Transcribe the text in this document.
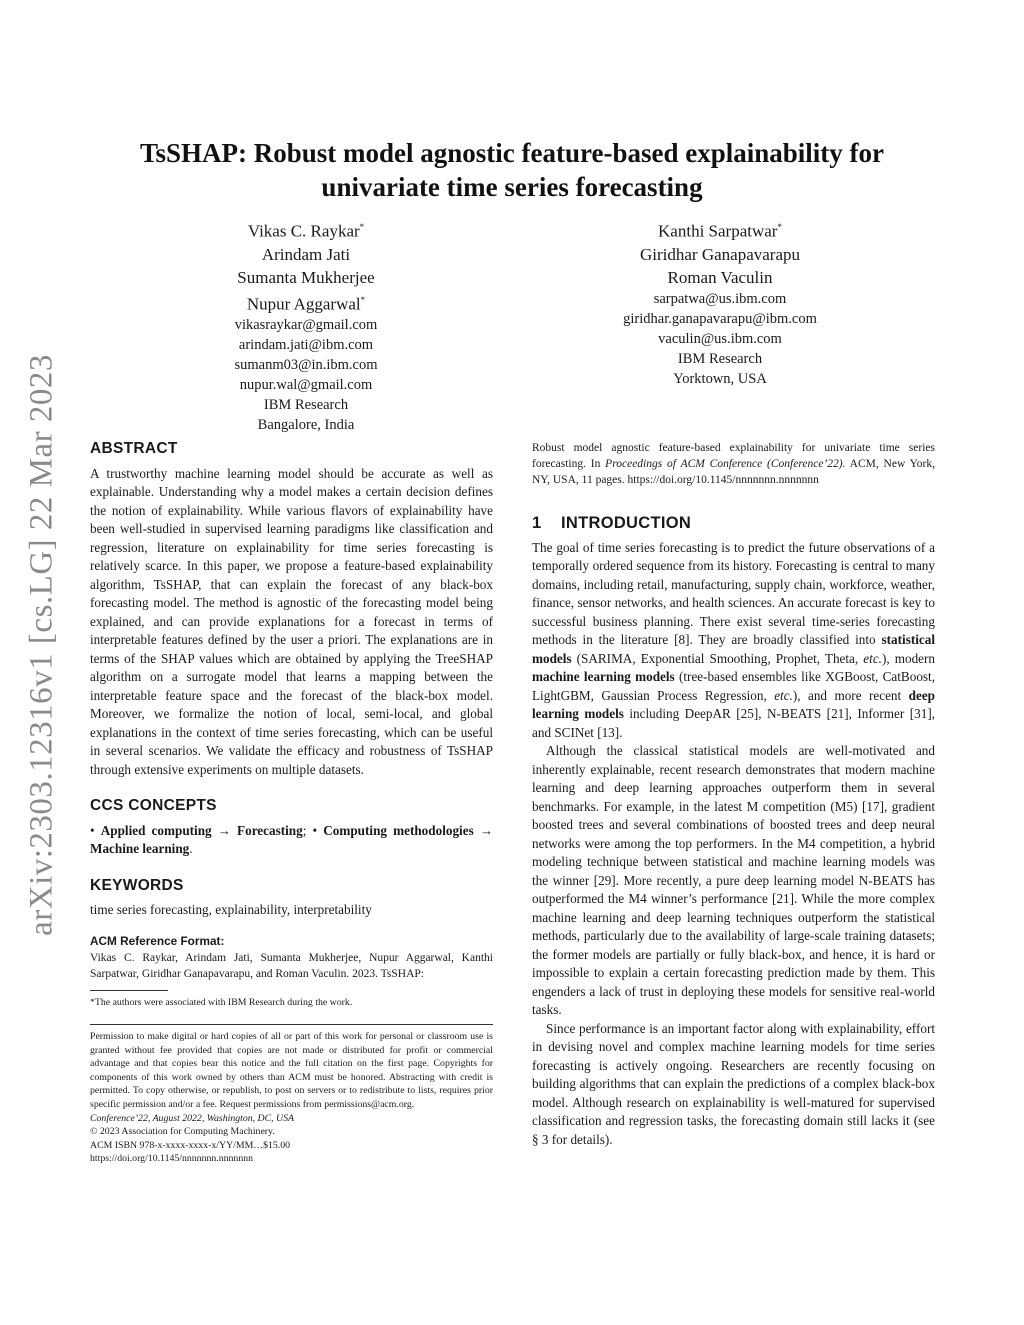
arXiv:2303.12316v1 [cs.LG] 22 Mar 2023
TsSHAP: Robust model agnostic feature-based explainability for
univariate time series forecasting
Vikas C. Raykar*
Arindam Jati
Sumanta Mukherjee
Nupur Aggarwal*
vikasraykar@gmail.com
arindam.jati@ibm.com
sumanm03@in.ibm.com
nupur.wal@gmail.com
IBM Research
Bangalore, India
Kanthi Sarpatwar*
Giridhar Ganapavarapu
Roman Vaculin
sarpatwa@us.ibm.com
giridhar.ganapavarapu@ibm.com
vaculin@us.ibm.com
IBM Research
Yorktown, USA
ABSTRACT

A trustworthy machine learning model should be accurate as well as explainable. Understanding why a model makes a certain decision defines the notion of explainability. While various flavors of explainability have been well-studied in supervised learning paradigms like classification and regression, literature on explainability for time series forecasting is relatively scarce. In this paper, we propose a feature-based explainability algorithm, TsSHAP, that can explain the forecast of any black-box forecasting model. The method is agnostic of the forecasting model being explained, and can provide explanations for a forecast in terms of interpretable features defined by the user a priori. The explanations are in terms of the SHAP values which are obtained by applying the TreeSHAP algorithm on a surrogate model that learns a mapping between the interpretable feature space and the forecast of the black-box model. Moreover, we formalize the notion of local, semi-local, and global explanations in the context of time series forecasting, which can be useful in several scenarios. We validate the efficacy and robustness of TsSHAP through extensive experiments on multiple datasets.

CCS CONCEPTS

• Applied computing → Forecasting; • Computing methodologies → Machine learning.

KEYWORDS

time series forecasting, explainability, interpretability

ACM Reference Format:

Vikas C. Raykar, Arindam Jati, Sumanta Mukherjee, Nupur Aggarwal, Kanthi Sarpatwar, Giridhar Ganapavarapu, and Roman Vaculin. 2023. TsSHAP:

*The authors were associated with IBM Research during the work.

Permission to make digital or hard copies of all or part of this work for personal or classroom use is granted without fee provided that copies are not made or distributed for profit or commercial advantage and that copies bear this notice and the full citation on the first page. Copyrights for components of this work owned by others than ACM must be honored. Abstracting with credit is permitted. To copy otherwise, or republish, to post on servers or to redistribute to lists, requires prior specific permission and/or a fee. Request permissions from permissions@acm.org.

Conference’22, August 2022, Washington, DC, USA

© 2023 Association for Computing Machinery.

ACM ISBN 978-x-xxxx-xxxx-x/YY/MM…$15.00

https://doi.org/10.1145/nnnnnnn.nnnnnnn

Robust model agnostic feature-based explainability for univariate time series forecasting. In Proceedings of ACM Conference (Conference’22). ACM, New York, NY, USA, 11 pages. https://doi.org/10.1145/nnnnnnn.nnnnnnn

1    INTRODUCTION

The goal of time series forecasting is to predict the future observations of a temporally ordered sequence from its history. Forecasting is central to many domains, including retail, manufacturing, supply chain, workforce, weather, finance, sensor networks, and health sciences. An accurate forecast is key to successful business planning. There exist several time-series forecasting methods in the literature [8]. They are broadly classified into statistical models (SARIMA, Exponential Smoothing, Prophet, Theta, etc.), modern machine learning models (tree-based ensembles like XGBoost, CatBoost, LightGBM, Gaussian Process Regression, etc.), and more recent deep learning models including DeepAR [25], N-BEATS [21], Informer [31], and SCINet [13].

Although the classical statistical models are well-motivated and inherently explainable, recent research demonstrates that modern machine learning and deep learning approaches outperform them in several benchmarks. For example, in the latest M competition (M5) [17], gradient boosted trees and several combinations of boosted trees and deep neural networks were among the top performers. In the M4 competition, a hybrid modeling technique between statistical and machine learning models was the winner [29]. More recently, a pure deep learning model N-BEATS has outperformed the M4 winner’s performance [21]. While the more complex machine learning and deep learning techniques outperform the statistical methods, particularly due to the availability of large-scale training datasets; the former models are partially or fully black-box, and hence, it is hard or impossible to explain a certain forecasting prediction made by them. This engenders a lack of trust in deploying these models for sensitive real-world tasks.

Since performance is an important factor along with explainability, effort in devising novel and complex machine learning models for time series forecasting is actively ongoing. Researchers are recently focusing on building algorithms that can explain the predictions of a complex black-box model. Although research on explainability is well-matured for supervised classification and regression tasks, the forecasting domain still lacks it (see § 3 for details).
